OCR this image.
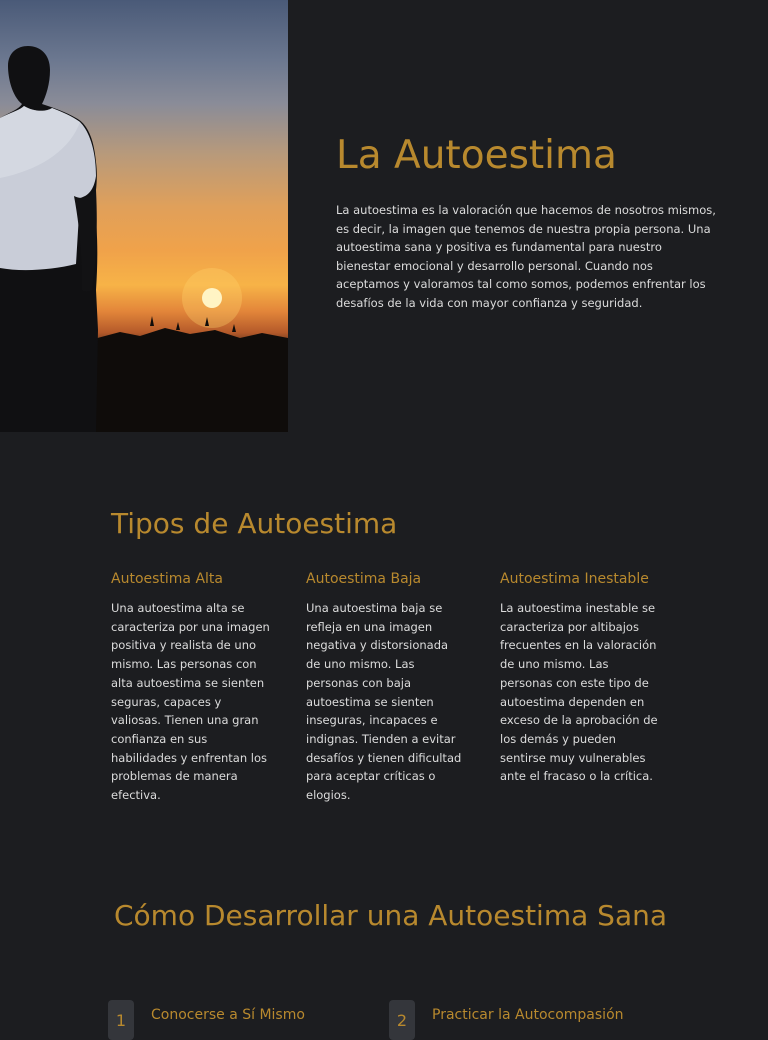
La Autoestima

La autoestima es la valoración que hacemos de nosotros mismos, es decir, la imagen que tenemos de nuestra propia persona. Una autoestima sana y positiva es fundamental para nuestro bienestar emocional y desarrollo personal. Cuando nos aceptamos y valoramos tal como somos, podemos enfrentar los desafíos de la vida con mayor confianza y seguridad.

Tipos de Autoestima
Autoestima Alta

Una autoestima alta se caracteriza por una imagen positiva y realista de uno mismo. Las personas con alta autoestima se sienten seguras, capaces y valiosas. Tienen una gran confianza en sus habilidades y enfrentan los problemas de manera efectiva.

Autoestima Baja

Una autoestima baja se refleja en una imagen negativa y distorsionada de uno mismo. Las personas con baja autoestima se sienten inseguras, incapaces e indignas. Tienden a evitar desafíos y tienen dificultad para aceptar críticas o elogios.

Autoestima Inestable

La autoestima inestable se caracteriza por altibajos frecuentes en la valoración de uno mismo. Las personas con este tipo de autoestima dependen en exceso de la aprobación de los demás y pueden sentirse muy vulnerables ante el fracaso o la crítica.

Cómo Desarrollar una Autoestima Sana
1	Conocerse a Sí Mismo	2	Practicar la Autocompasión
